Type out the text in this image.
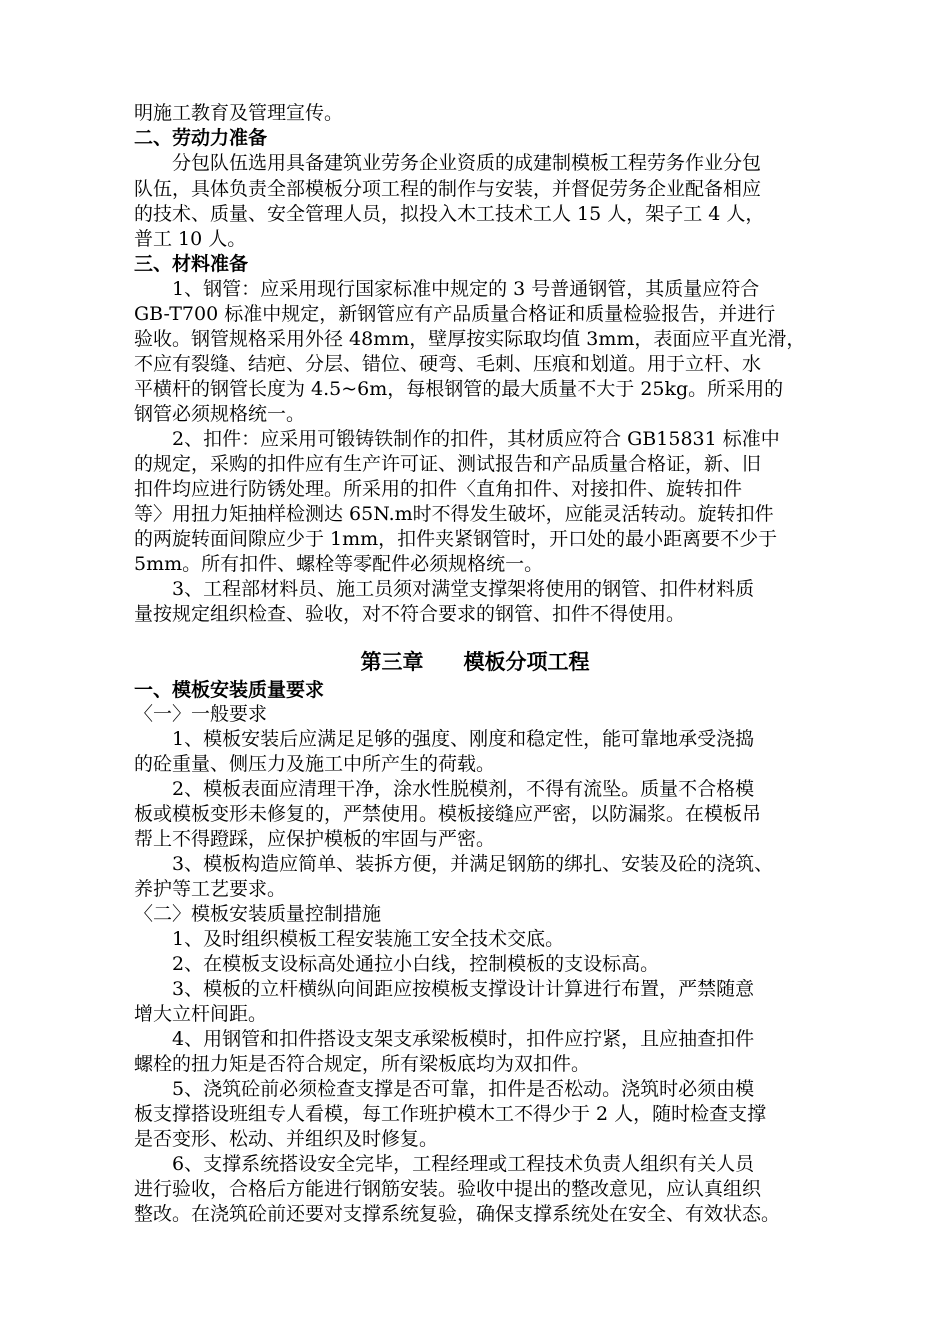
明施工教育及管理宣传。
二、劳动力准备
　　分包队伍选用具备建筑业劳务企业资质的成建制模板工程劳务作业分包
队伍，具体负责全部模板分项工程的制作与安装，并督促劳务企业配备相应
的技术、质量、安全管理人员，拟投入木工技术工人 15 人，架子工 4 人，
普工 10 人。
三、材料准备
　　1、钢管：应采用现行国家标准中规定的 3 号普通钢管，其质量应符合
GB-T700 标准中规定，新钢管应有产品质量合格证和质量检验报告，并进行
验收。钢管规格采用外径 48mm，壁厚按实际取均值 3mm，表面应平直光滑，
不应有裂缝、结疤、分层、错位、硬弯、毛刺、压痕和划道。用于立杆、水
平横杆的钢管长度为 4.5~6m，每根钢管的最大质量不大于 25kg。所采用的
钢管必须规格统一。
　　2、扣件：应采用可锻铸铁制作的扣件，其材质应符合 GB15831 标准中
的规定，采购的扣件应有生产许可证、测试报告和产品质量合格证，新、旧
扣件均应进行防锈处理。所采用的扣件〈直角扣件、对接扣件、旋转扣件
等〉用扭力矩抽样检测达 65N.m时不得发生破坏，应能灵活转动。旋转扣件
的两旋转面间隙应少于 1mm，扣件夹紧钢管时，开口处的最小距离要不少于
5mm。所有扣件、螺栓等零配件必须规格统一。
　　3、工程部材料员、施工员须对满堂支撑架将使用的钢管、扣件材料质
量按规定组织检查、验收，对不符合要求的钢管、扣件不得使用。
第三章 模板分项工程
一、模板安装质量要求
〈一〉一般要求
　　1、模板安装后应满足足够的强度、刚度和稳定性，能可靠地承受浇捣
的砼重量、侧压力及施工中所产生的荷载。
　　2、模板表面应清理干净，涂水性脱模剂，不得有流坠。质量不合格模
板或模板变形未修复的，严禁使用。模板接缝应严密，以防漏浆。在模板吊
帮上不得蹬踩，应保护模板的牢固与严密。
　　3、模板构造应简单、装拆方便，并满足钢筋的绑扎、安装及砼的浇筑、
养护等工艺要求。
〈二〉模板安装质量控制措施
　　1、及时组织模板工程安装施工安全技术交底。
　　2、在模板支设标高处通拉小白线，控制模板的支设标高。
　　3、模板的立杆横纵向间距应按模板支撑设计计算进行布置，严禁随意
增大立杆间距。
　　4、用钢管和扣件搭设支架支承梁板模时，扣件应拧紧，且应抽查扣件
螺栓的扭力矩是否符合规定，所有梁板底均为双扣件。
　　5、浇筑砼前必须检查支撑是否可靠，扣件是否松动。浇筑时必须由模
板支撑搭设班组专人看模，每工作班护模木工不得少于 2 人，随时检查支撑
是否变形、松动、并组织及时修复。
　　6、支撑系统搭设安全完毕，工程经理或工程技术负责人组织有关人员
进行验收，合格后方能进行钢筋安装。验收中提出的整改意见，应认真组织
整改。在浇筑砼前还要对支撑系统复验，确保支撑系统处在安全、有效状态。
